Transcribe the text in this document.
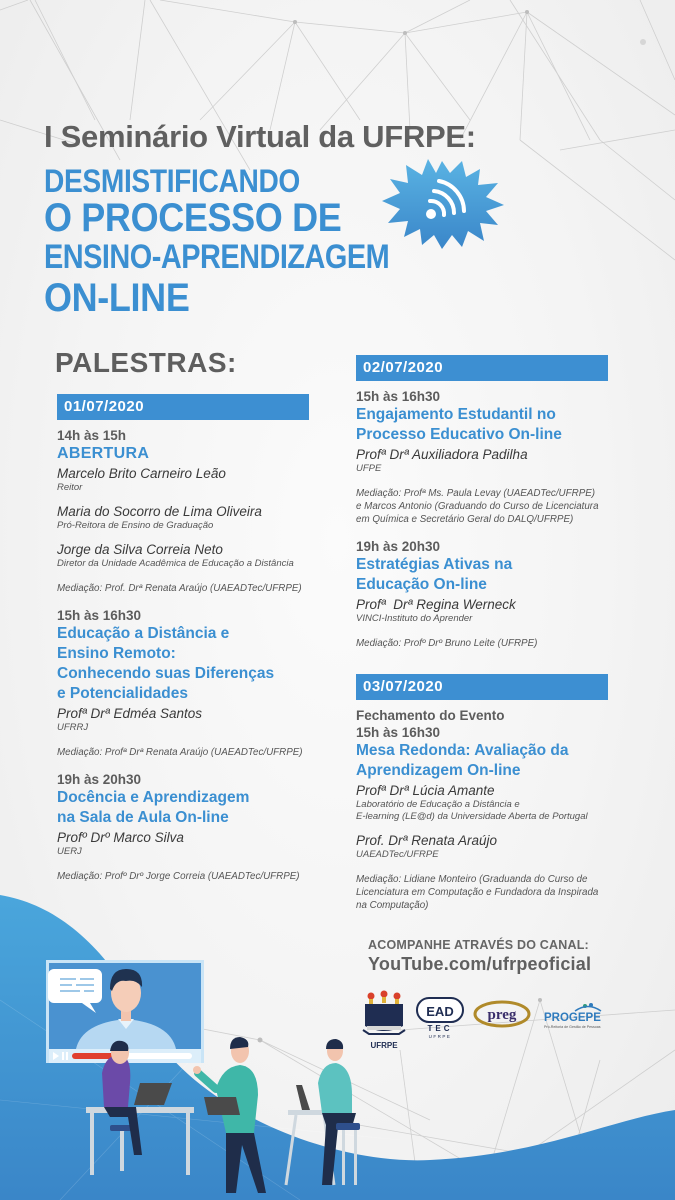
I Seminário Virtual da UFRPE:
DESMISTIFICANDO
O PROCESSO DE
ENSINO-APRENDIZAGEM
ON-LINE
PALESTRAS:
01/07/2020
14h às 15h
ABERTURA
Marcelo Brito Carneiro Leão
Reitor
Maria do Socorro de Lima Oliveira
Pró-Reitora de Ensino de Graduação
Jorge da Silva Correia Neto
Diretor da Unidade Acadêmica de Educação a Distância
Mediação: Prof. Drª Renata Araújo (UAEADTec/UFRPE)
15h às 16h30
Educação a Distância e
Ensino Remoto:
Conhecendo suas Diferenças
e Potencialidades
Profª Drª Edméa Santos
UFRRJ
Mediação: Profª Drª Renata Araújo (UAEADTec/UFRPE)
19h às 20h30
Docência e Aprendizagem
na Sala de Aula On-line
Profº Drº Marco Silva
UERJ
Mediação: Profº Drº Jorge Correia (UAEADTec/UFRPE)
02/07/2020
15h às 16h30
Engajamento Estudantil no
Processo Educativo On-line
Profª Drª Auxiliadora Padilha
UFPE
Mediação: Profª Ms. Paula Levay (UAEADTec/UFRPE)
e Marcos Antonio (Graduando do Curso de Licenciatura
em Química e Secretário Geral do DALQ/UFRPE)
19h às 20h30
Estratégias Ativas na
Educação On-line
Profª  Drª Regina Werneck
VINCI-Instituto do Aprender
Mediação: Profº Drº Bruno Leite (UFRPE)
03/07/2020
Fechamento do Evento
15h às 16h30
Mesa Redonda: Avaliação da
Aprendizagem On-line
Profª Drª Lúcia Amante
Laboratório de Educação a Distância e
E-learning (LE@d) da Universidade Aberta de Portugal
Prof. Drª Renata Araújo
UAEADTec/UFRPE
Mediação: Lidiane Monteiro (Graduanda do Curso de
Licenciatura em Computação e Fundadora da Inspirada
na Computação)
ACOMPANHE ATRAVÉS DO CANAL:
YouTube.com/ufrpeoficial
UFRPE
EAD
TEC
UFRPE
preg PROGEPE
Pró-Reitoria de Gestão de Pessoas
